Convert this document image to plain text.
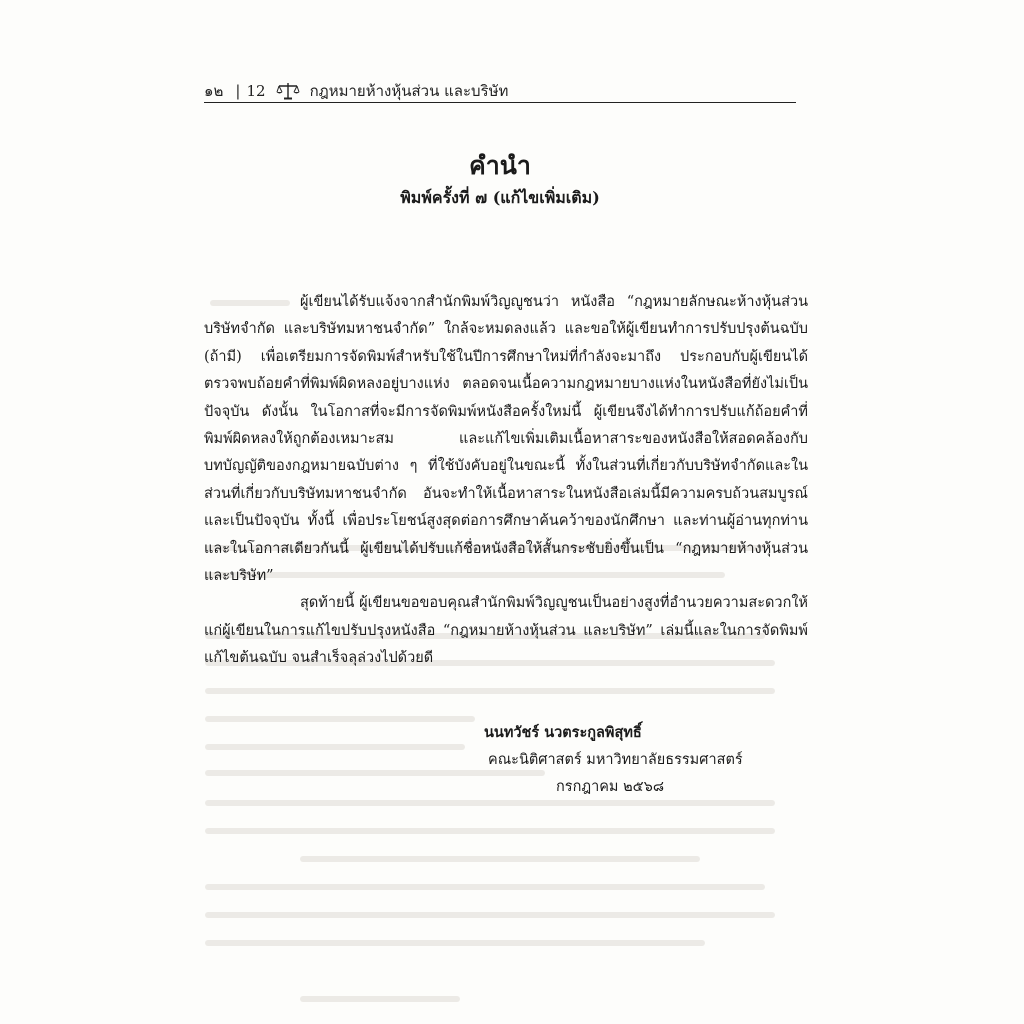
๑๒ | 12	กฎหมายห้างหุ้นส่วน และบริษัท
คำนำ
พิมพ์ครั้งที่ ๗ (แก้ไขเพิ่มเติม)

ผู้เขียนได้รับแจ้งจากสำนักพิมพ์วิญญูชนว่า หนังสือ “กฎหมายลักษณะห้างหุ้นส่วน บริษัทจำกัด และบริษัทมหาชนจำกัด” ใกล้จะหมดลงแล้ว และขอให้ผู้เขียนทำการปรับปรุงต้นฉบับ (ถ้ามี) เพื่อเตรียมการจัดพิมพ์สำหรับใช้ในปีการศึกษาใหม่ที่กำลังจะมาถึง ประกอบกับผู้เขียนได้ตรวจพบถ้อยคำที่พิมพ์ผิดหลงอยู่บางแห่ง ตลอดจนเนื้อความกฎหมายบางแห่งในหนังสือที่ยังไม่เป็นปัจจุบัน ดังนั้น ในโอกาสที่จะมีการจัดพิมพ์หนังสือครั้งใหม่นี้ ผู้เขียนจึงได้ทำการปรับแก้ถ้อยคำที่พิมพ์ผิดหลงให้ถูกต้องเหมาะสม และแก้ไขเพิ่มเติมเนื้อหาสาระของหนังสือให้สอดคล้องกับบทบัญญัติของกฎหมายฉบับต่าง ๆ ที่ใช้บังคับอยู่ในขณะนี้ ทั้งในส่วนที่เกี่ยวกับบริษัทจำกัดและในส่วนที่เกี่ยวกับบริษัทมหาชนจำกัด อันจะทำให้เนื้อหาสาระในหนังสือเล่มนี้มีความครบถ้วนสมบูรณ์และเป็นปัจจุบัน ทั้งนี้ เพื่อประโยชน์สูงสุดต่อการศึกษาค้นคว้าของนักศึกษา และท่านผู้อ่านทุกท่าน และในโอกาสเดียวกันนี้ ผู้เขียนได้ปรับแก้ชื่อหนังสือให้สั้นกระชับยิ่งขึ้นเป็น “กฎหมายห้างหุ้นส่วน และบริษัท”

สุดท้ายนี้ ผู้เขียนขอขอบคุณสำนักพิมพ์วิญญูชนเป็นอย่างสูงที่อำนวยความสะดวกให้แก่ผู้เขียนในการแก้ไขปรับปรุงหนังสือ “กฎหมายห้างหุ้นส่วน และบริษัท” เล่มนี้และในการจัดพิมพ์แก้ไขต้นฉบับ จนสำเร็จลุล่วงไปด้วยดี

นนทวัชร์ นวตระกูลพิสุทธิ์
คณะนิติศาสตร์ มหาวิทยาลัยธรรมศาสตร์
กรกฎาคม ๒๕๖๘
